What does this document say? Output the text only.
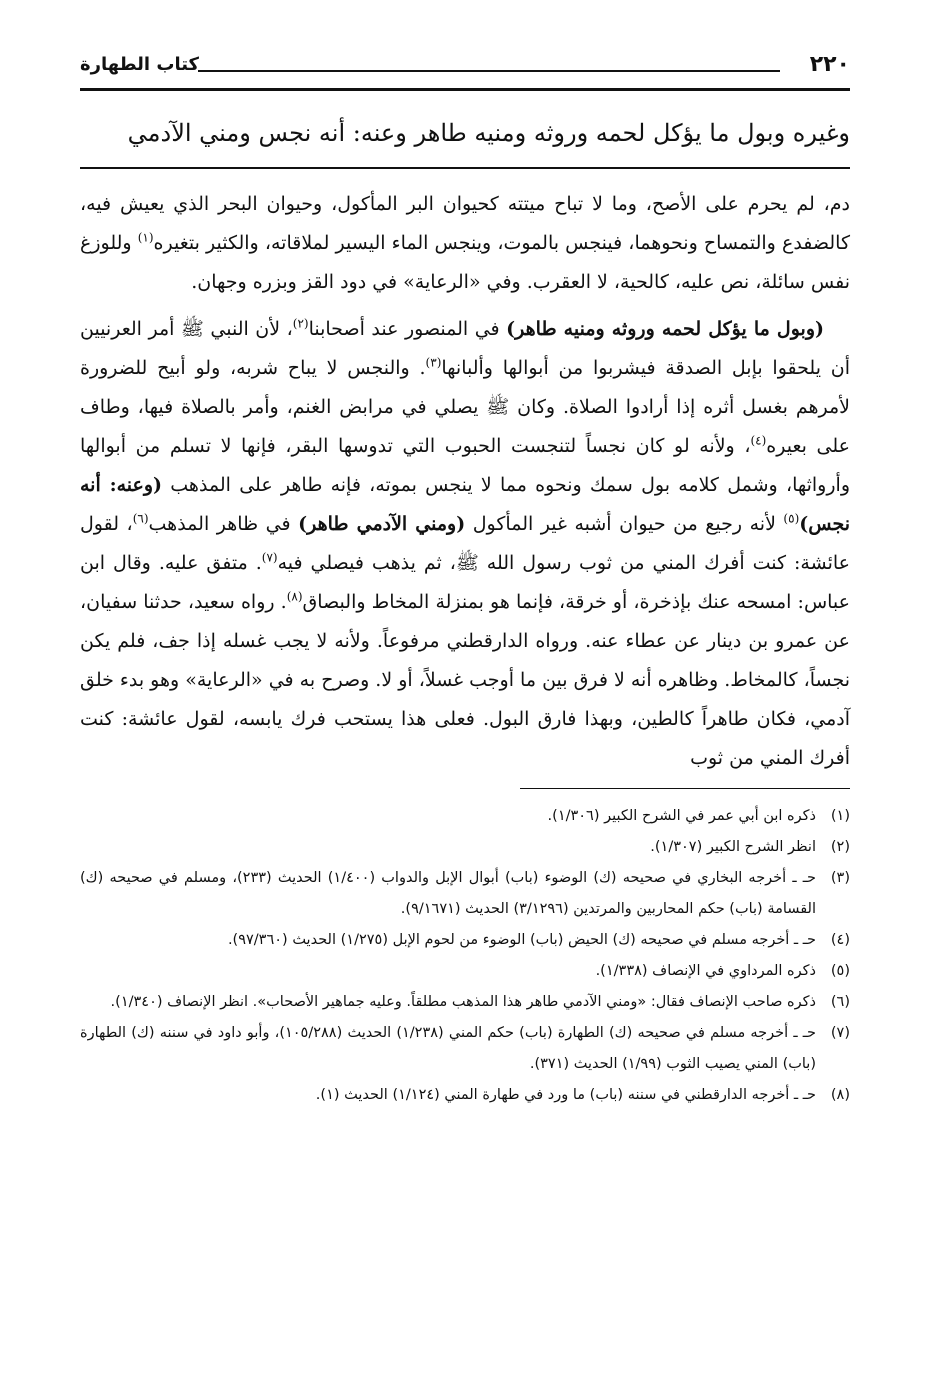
٢٢٠
كتاب الطهارة
وغيره وبول ما يؤكل لحمه وروثه ومنيه طاهر وعنه: أنه نجس ومني الآدمي

دم، لم يحرم على الأصح، وما لا تباح ميتته كحيوان البر المأكول، وحيوان البحر الذي يعيش فيه، كالضفدع والتمساح ونحوهما، فينجس بالموت، وينجس الماء اليسير لملاقاته، والكثير بتغيره$^{(١)}$ وللوزغ نفس سائلة، نص عليه، كالحية، لا العقرب. وفي «الرعاية» في دود القز وبزره وجهان.

(وبول ما يؤكل لحمه وروثه ومنيه طاهر) في المنصور عند أصحابنا$^{(٢)}$، لأن النبي ﷺ أمر العرنيين أن يلحقوا بإبل الصدقة فيشربوا من أبوالها وألبانها$^{(٣)}$. والنجس لا يباح شربه، ولو أبيح للضرورة لأمرهم بغسل أثره إذا أرادوا الصلاة. وكان ﷺ يصلي في مرابض الغنم، وأمر بالصلاة فيها، وطاف على بعيره$^{(٤)}$، ولأنه لو كان نجساً لتنجست الحبوب التي تدوسها البقر، فإنها لا تسلم من أبوالها وأرواثها، وشمل كلامه بول سمك ونحوه مما لا ينجس بموته، فإنه طاهر على المذهب (وعنه: أنه نجس)$^{(٥)}$ لأنه رجيع من حيوان أشبه غير المأكول (ومني الآدمي طاهر) في ظاهر المذهب$^{(٦)}$، لقول عائشة: كنت أفرك المني من ثوب رسول الله ﷺ، ثم يذهب فيصلي فيه$^{(٧)}$. متفق عليه. وقال ابن عباس: امسحه عنك بإذخرة، أو خرقة، فإنما هو بمنزلة المخاط والبصاق$^{(٨)}$. رواه سعيد، حدثنا سفيان، عن عمرو بن دينار عن عطاء عنه. ورواه الدارقطني مرفوعاً. ولأنه لا يجب غسله إذا جف، فلم يكن نجساً، كالمخاط. وظاهره أنه لا فرق بين ما أوجب غسلاً، أو لا. وصرح به في «الرعاية» وهو بدء خلق آدمي، فكان طاهراً كالطين، وبهذا فارق البول. فعلى هذا يستحب فرك يابسه، لقول عائشة: كنت أفرك المني من ثوب

(١)
ذكره ابن أبي عمر في الشرح الكبير (١/٣٠٦).
(٢)
انظر الشرح الكبير (١/٣٠٧).
(٣)
حـ ـ أخرجه البخاري في صحيحه (ك) الوضوء (باب) أبوال الإبل والدواب (١/٤٠٠) الحديث (٢٣٣)، ومسلم في صحيحه (ك) القسامة (باب) حكم المحاربين والمرتدين (٣/١٢٩٦) الحديث (٩/١٦٧١).
(٤)
حـ ـ أخرجه مسلم في صحيحه (ك) الحيض (باب) الوضوء من لحوم الإبل (١/٢٧٥) الحديث (٩٧/٣٦٠).
(٥)
ذكره المرداوي في الإنصاف (١/٣٣٨).
(٦)
ذكره صاحب الإنصاف فقال: «ومني الآدمي طاهر هذا المذهب مطلقاً. وعليه جماهير الأصحاب». انظر الإنصاف (١/٣٤٠).
(٧)
حـ ـ أخرجه مسلم في صحيحه (ك) الطهارة (باب) حكم المني (١/٢٣٨) الحديث (١٠٥/٢٨٨)، وأبو داود في سننه (ك) الطهارة (باب) المني يصيب الثوب (١/٩٩) الحديث (٣٧١).
(٨)
حـ ـ أخرجه الدارقطني في سننه (باب) ما ورد في طهارة المني (١/١٢٤) الحديث (١).
